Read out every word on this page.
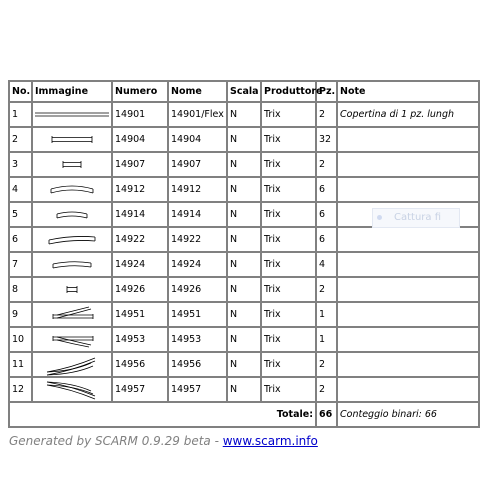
No.	Immagine	Numero	Nome	Scala	Produttore	Pz.	Note
1		14901	14901/Flex	N	Trix	2	Copertina di 1 pz. lungh
2		14904	14904	N	Trix	32	
3		14907	14907	N	Trix	2	
4		14912	14912	N	Trix	6	
5		14914	14914	N	Trix	6	
6		14922	14922	N	Trix	6	
7		14924	14924	N	Trix	4	
8		14926	14926	N	Trix	2	
9		14951	14951	N	Trix	1	
10		14953	14953	N	Trix	1	
11		14956	14956	N	Trix	2	
12		14957	14957	N	Trix	2	
Totale:						66	Conteggio binari: 66
Cattura fi
Generated by SCARM 0.9.29 beta - www.scarm.info
